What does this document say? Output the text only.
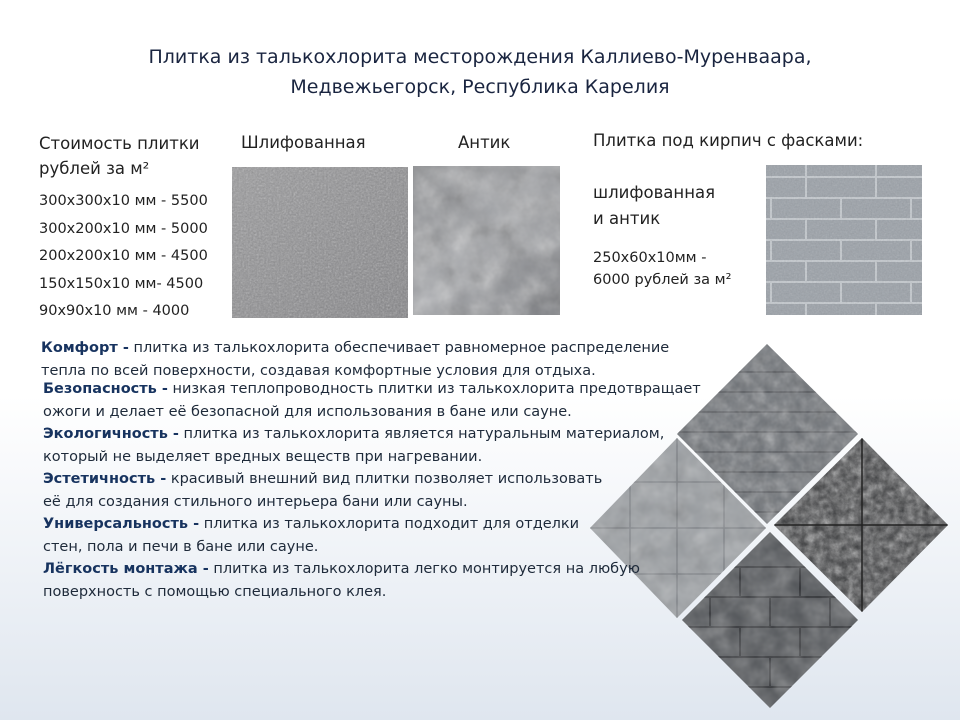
Плитка из талькохлорита месторождения Каллиево-Муренваара,
Медвежьегорск, Республика Карелия
Стоимость плитки
рублей за м²
300х300х10 мм - 5500
300х200х10 мм - 5000
200х200х10 мм - 4500
150х150х10 мм- 4500
90х90х10 мм - 4000
Шлифованная	Антик	Плитка под кирпич с фасками:
шлифованная
и антик
250х60х10мм -
6000 рублей за м²
Комфорт - плитка из талькохлорита обеспечивает равномерное распределение
тепла по всей поверхности, создавая комфортные условия для отдыха.
Безопасность - низкая теплопроводность плитки из талькохлорита предотвращает
ожоги и делает её безопасной для использования в бане или сауне.
Экологичность - плитка из талькохлорита является натуральным материалом,
который не выделяет вредных веществ при нагревании.
Эстетичность - красивый внешний вид плитки позволяет использовать
её для создания стильного интерьера бани или сауны.
Универсальность - плитка из талькохлорита подходит для отделки
стен, пола и печи в бане или сауне.
Лёгкость монтажа - плитка из талькохлорита легко монтируется на любую
поверхность с помощью специального клея.
